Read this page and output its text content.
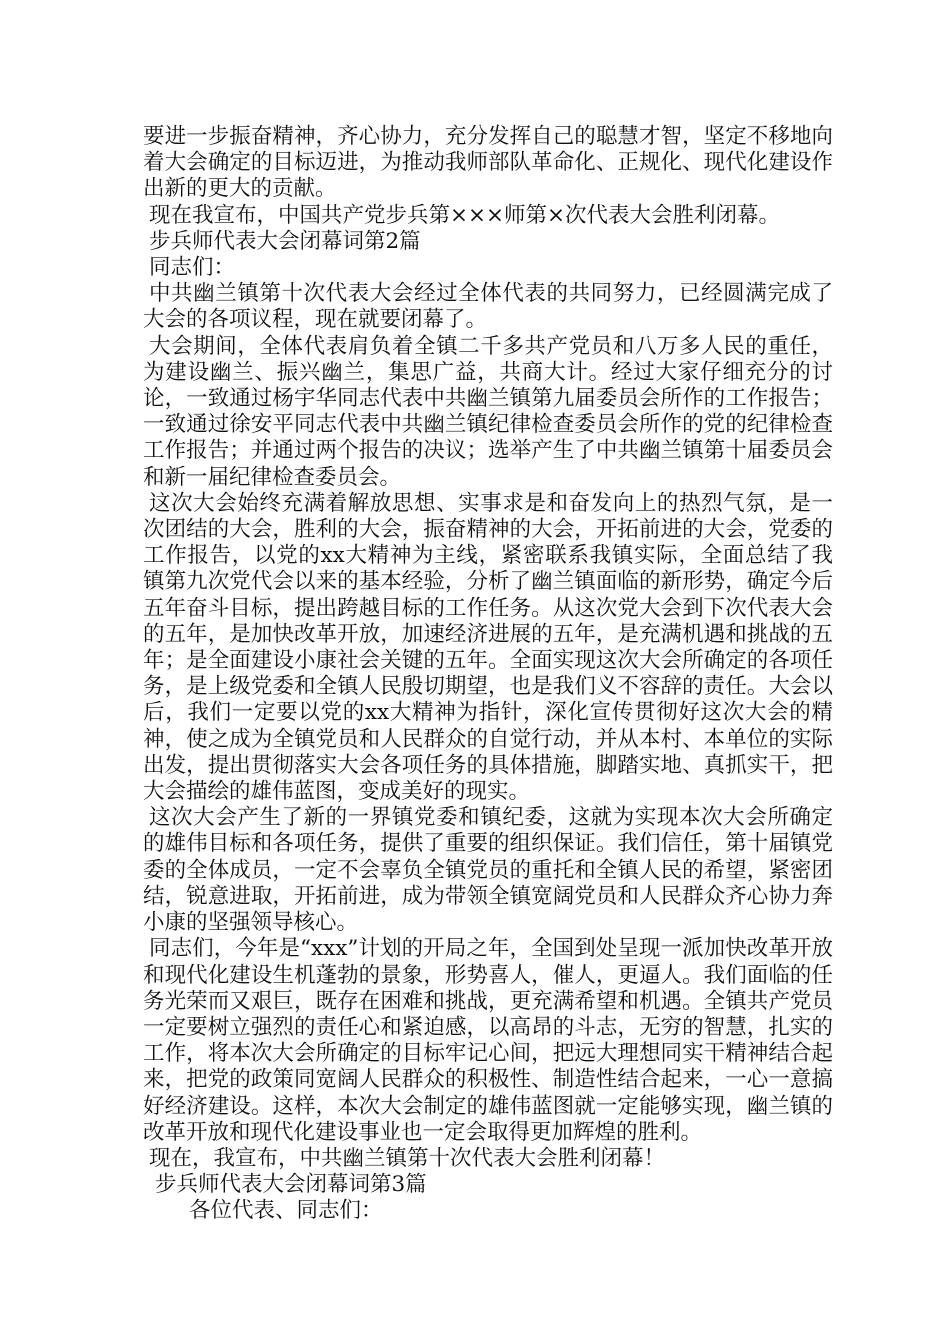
要进一步振奋精神，齐心协力，充分发挥自己的聪慧才智，坚定不移地向着大会确定的目标迈进，为推动我师部队革命化、正规化、现代化建设作出新的更大的贡献。

现在我宣布，中国共产党步兵第×××师第×次代表大会胜利闭幕。

步兵师代表大会闭幕词第2篇

同志们：

中共幽兰镇第十次代表大会经过全体代表的共同努力，已经圆满完成了大会的各项议程，现在就要闭幕了。

大会期间，全体代表肩负着全镇二千多共产党员和八万多人民的重任，为建设幽兰、振兴幽兰，集思广益，共商大计。经过大家仔细充分的讨论，一致通过杨宇华同志代表中共幽兰镇第九届委员会所作的工作报告；一致通过徐安平同志代表中共幽兰镇纪律检查委员会所作的党的纪律检查工作报告；并通过两个报告的决议；选举产生了中共幽兰镇第十届委员会和新一届纪律检查委员会。

这次大会始终充满着解放思想、实事求是和奋发向上的热烈气氛，是一次团结的大会，胜利的大会，振奋精神的大会，开拓前进的大会，党委的工作报告，以党的xx大精神为主线，紧密联系我镇实际，全面总结了我镇第九次党代会以来的基本经验，分析了幽兰镇面临的新形势，确定今后五年奋斗目标，提出跨越目标的工作任务。从这次党大会到下次代表大会的五年，是加快改革开放，加速经济进展的五年，是充满机遇和挑战的五年；是全面建设小康社会关键的五年。全面实现这次大会所确定的各项任务，是上级党委和全镇人民殷切期望，也是我们义不容辞的责任。大会以后，我们一定要以党的xx大精神为指针，深化宣传贯彻好这次大会的精神，使之成为全镇党员和人民群众的自觉行动，并从本村、本单位的实际出发，提出贯彻落实大会各项任务的具体措施，脚踏实地、真抓实干，把大会描绘的雄伟蓝图，变成美好的现实。

这次大会产生了新的一界镇党委和镇纪委，这就为实现本次大会所确定的雄伟目标和各项任务，提供了重要的组织保证。我们信任，第十届镇党委的全体成员，一定不会辜负全镇党员的重托和全镇人民的希望，紧密团结，锐意进取，开拓前进，成为带领全镇宽阔党员和人民群众齐心协力奔小康的坚强领导核心。

同志们，今年是“xxx”计划的开局之年，全国到处呈现一派加快改革开放和现代化建设生机蓬勃的景象，形势喜人，催人，更逼人。我们面临的任务光荣而又艰巨，既存在困难和挑战，更充满希望和机遇。全镇共产党员一定要树立强烈的责任心和紧迫感，以高昂的斗志，无穷的智慧，扎实的工作，将本次大会所确定的目标牢记心间，把远大理想同实干精神结合起来，把党的政策同宽阔人民群众的积极性、制造性结合起来，一心一意搞好经济建设。这样，本次大会制定的雄伟蓝图就一定能够实现，幽兰镇的改革开放和现代化建设事业也一定会取得更加辉煌的胜利。

现在，我宣布，中共幽兰镇第十次代表大会胜利闭幕！

步兵师代表大会闭幕词第3篇

各位代表、同志们：
